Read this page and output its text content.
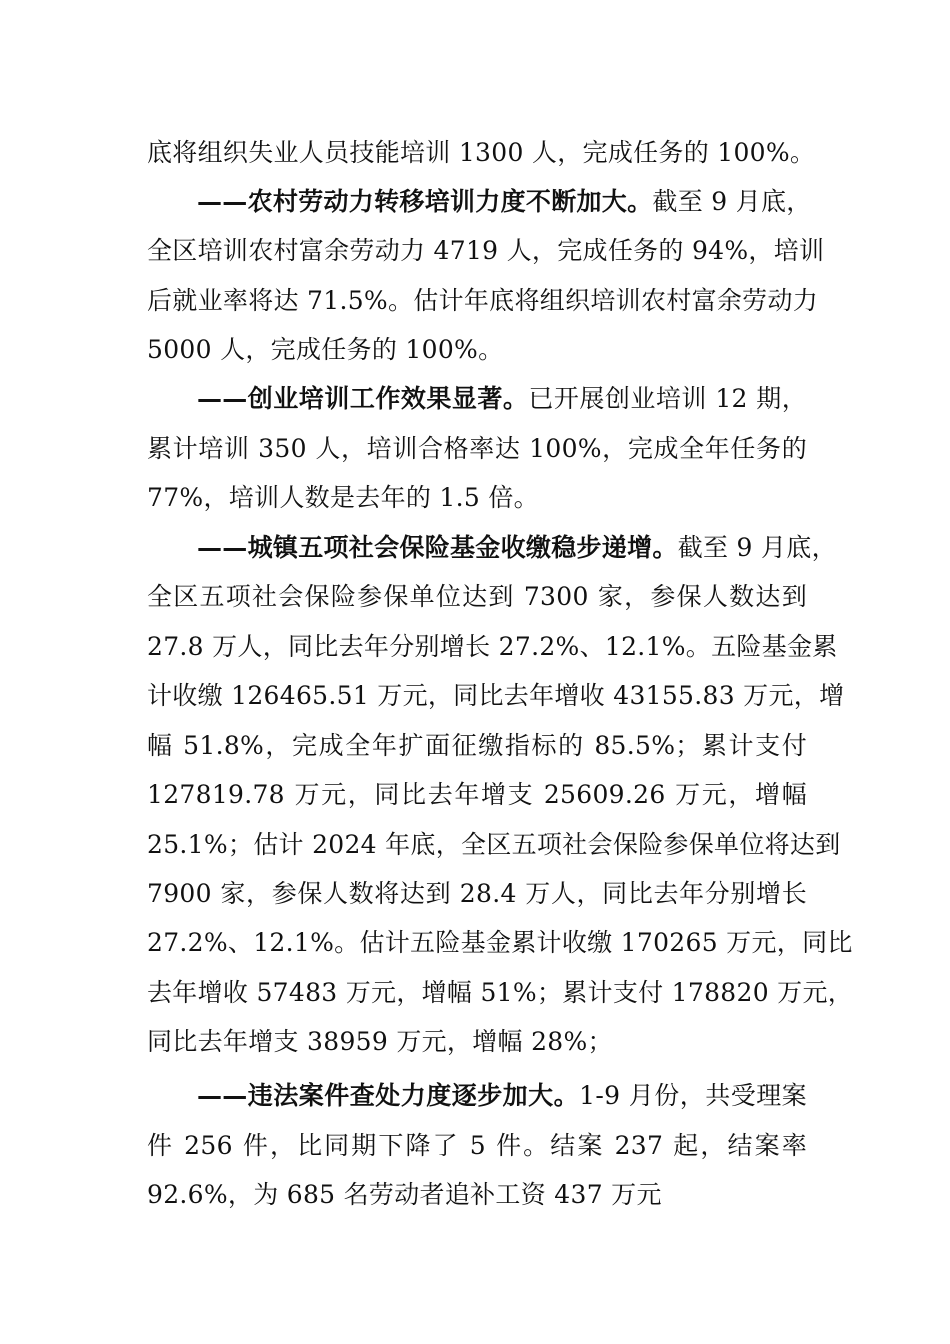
底将组织失业人员技能培训 1300 人，完成任务的 100%。
——农村劳动力转移培训力度不断加大。截至 9 月底，
全区培训农村富余劳动力 4719 人，完成任务的 94%，培训
后就业率将达 71.5%。估计年底将组织培训农村富余劳动力
5000 人，完成任务的 100%。
——创业培训工作效果显著。已开展创业培训 12 期，
累计培训 350 人，培训合格率达 100%，完成全年任务的
77%，培训人数是去年的 1.5 倍。
——城镇五项社会保险基金收缴稳步递增。截至 9 月底，
全区五项社会保险参保单位达到 7300 家，参保人数达到
27.8 万人，同比去年分别增长 27.2%、12.1%。五险基金累
计收缴 126465.51 万元，同比去年增收 43155.83 万元，增
幅 51.8%，完成全年扩面征缴指标的 85.5%；累计支付
127819.78 万元，同比去年增支 25609.26 万元，增幅
25.1%；估计 2024 年底，全区五项社会保险参保单位将达到
7900 家，参保人数将达到 28.4 万人，同比去年分别增长
27.2%、12.1%。估计五险基金累计收缴 170265 万元，同比
去年增收 57483 万元，增幅 51%；累计支付 178820 万元，
同比去年增支 38959 万元，增幅 28%；
——违法案件查处力度逐步加大。1-9 月份，共受理案
件 256 件，比同期下降了 5 件。结案 237 起，结案率
92.6%，为 685 名劳动者追补工资 437 万元
